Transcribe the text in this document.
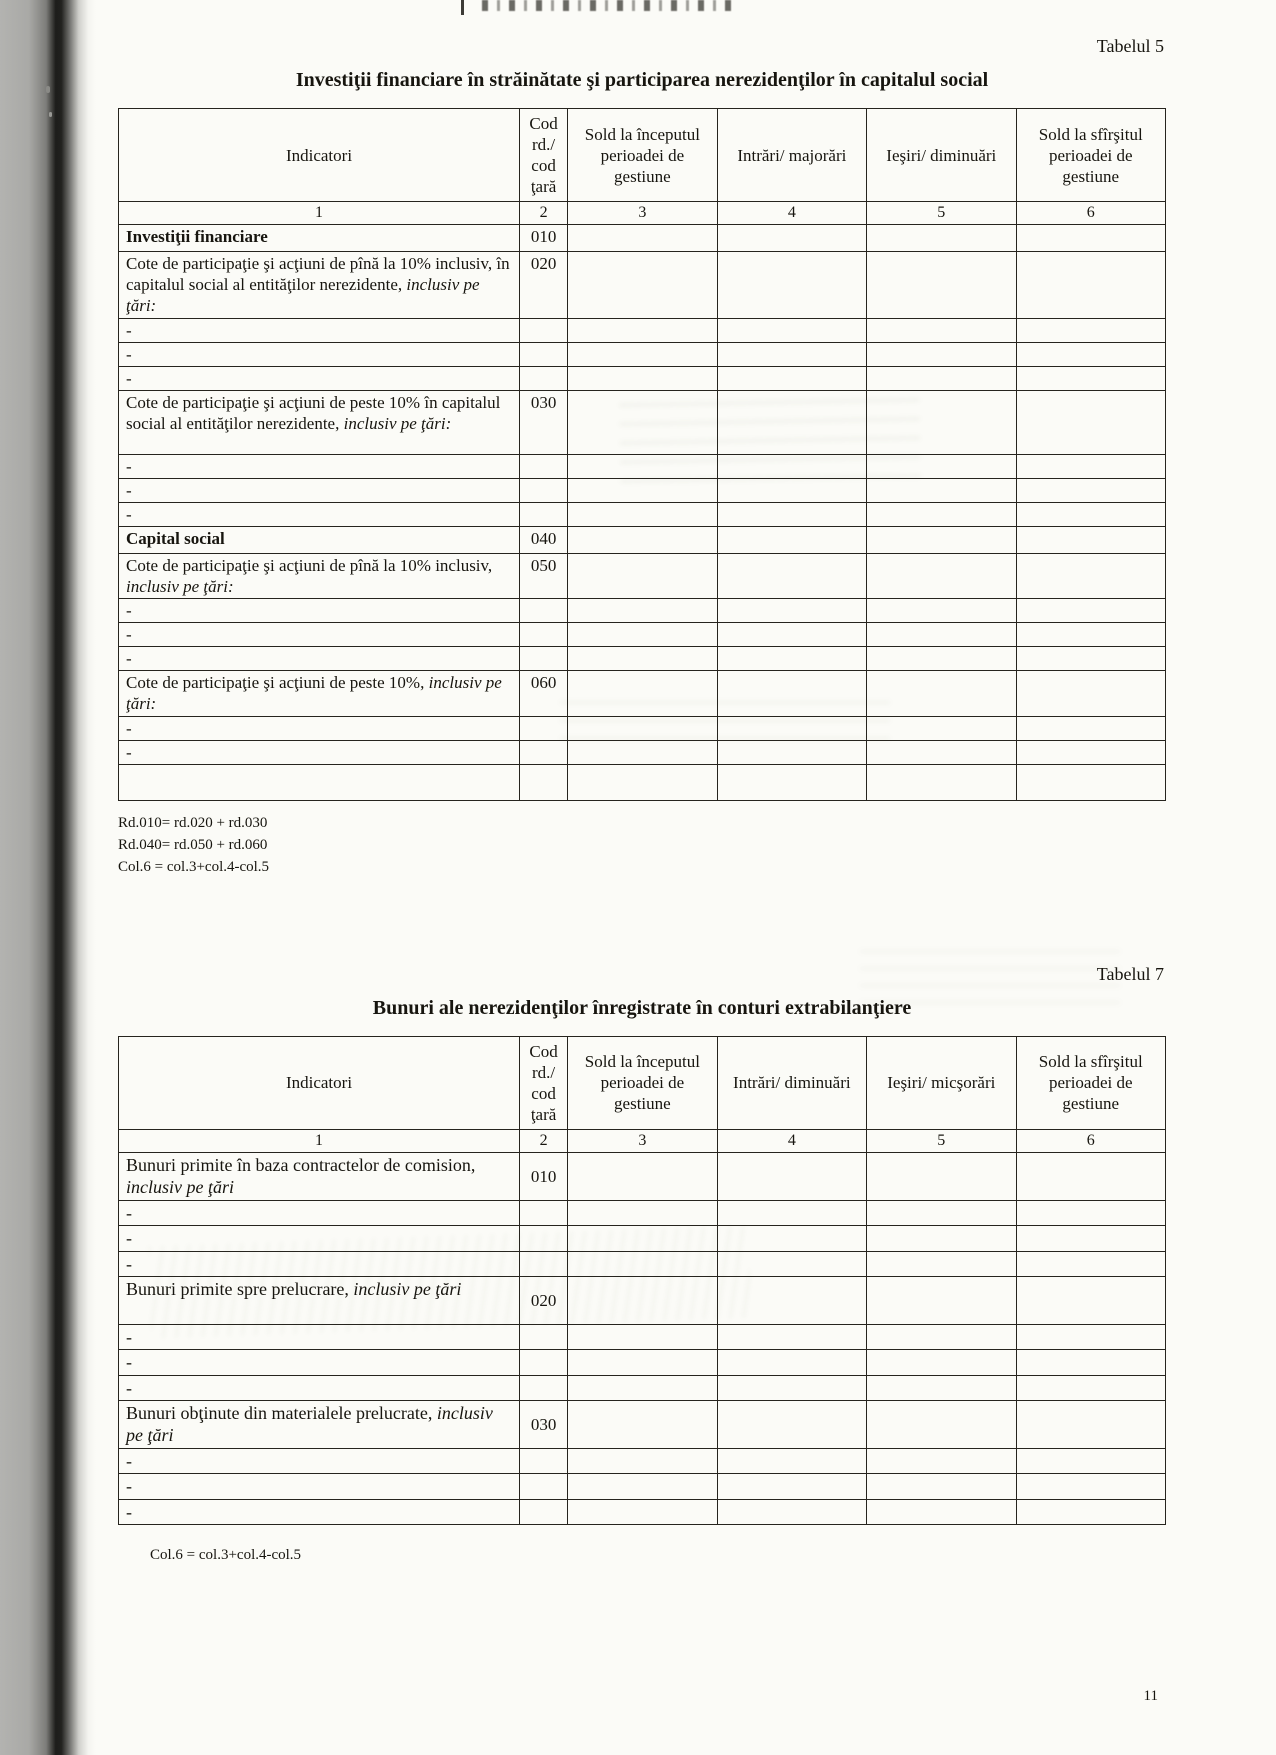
Tabelul 5
Investiţii financiare în străinătate şi participarea nerezidenţilor în capitalul social
Indicatori	Cod rd./ cod ţară	Sold la începutul perioadei de gestiune	Intrări/ majorări	Ieşiri/ diminuări	Sold la sfîrşitul perioadei de gestiune
1	2	3	4	5	6
Investiţii financiare	010				
Cote de participaţie şi acţiuni de pînă la 10% inclusiv, în capitalul social al entităţilor nerezidente, inclusiv pe ţări:	020				
-					
-					
-					
Cote de participaţie şi acţiuni de peste 10% în capitalul social al entităţilor nerezidente, inclusiv pe ţări:	030				
-					
-					
-					
Capital social	040				
Cote de participaţie şi acţiuni de pînă la 10% inclusiv, inclusiv pe ţări:	050				
-					
-					
-					
Cote de participaţie şi acţiuni de peste 10%, inclusiv pe ţări:	060				
-					
-					

Rd.010= rd.020 + rd.030
Rd.040= rd.050 + rd.060
Col.6 = col.3+col.4-col.5
Tabelul 7
Bunuri ale nerezidenţilor înregistrate în conturi extrabilanţiere
Indicatori	Cod rd./ cod ţară	Sold la începutul perioadei de gestiune	Intrări/ diminuări	Ieşiri/ micşorări	Sold la sfîrşitul perioadei de gestiune
1	2	3	4	5	6
Bunuri primite în baza contractelor de comision, inclusiv pe ţări	010				
-					
-					
-					
Bunuri primite spre prelucrare, inclusiv pe ţări	020				
-					
-					
-					
Bunuri obţinute din materialele prelucrate, inclusiv pe ţări	030				
-					
-					
-					
Col.6 = col.3+col.4-col.5
11
